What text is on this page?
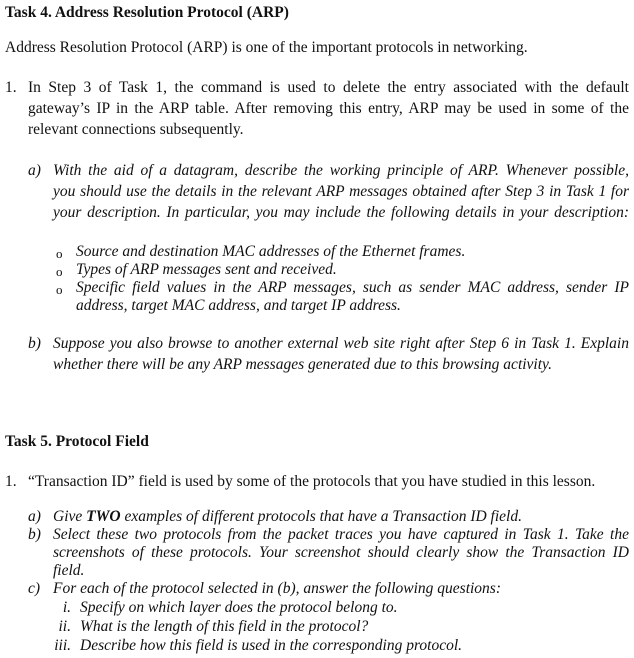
Task 4. Address Resolution Protocol (ARP)
Address Resolution Protocol (ARP) is one of the important protocols in networking.
1. In Step 3 of Task 1, the command is used to delete the entry associated with the default
gateway’s IP in the ARP table. After removing this entry, ARP may be used in some of the
relevant connections subsequently.
a) With the aid of a datagram, describe the working principle of ARP. Whenever possible,
you should use the details in the relevant ARP messages obtained after Step 3 in Task 1 for
your description. In particular, you may include the following details in your description:
o Source and destination MAC addresses of the Ethernet frames.
o Types of ARP messages sent and received.
o Specific field values in the ARP messages, such as sender MAC address, sender IP
address, target MAC address, and target IP address.
b) Suppose you also browse to another external web site right after Step 6 in Task 1. Explain
whether there will be any ARP messages generated due to this browsing activity.
Task 5. Protocol Field
1. “Transaction ID” field is used by some of the protocols that you have studied in this lesson.
a) Give TWO examples of different protocols that have a Transaction ID field.
b) Select these two protocols from the packet traces you have captured in Task 1. Take the
screenshots of these protocols. Your screenshot should clearly show the Transaction ID
field.
c) For each of the protocol selected in (b), answer the following questions:
i. Specify on which layer does the protocol belong to.
ii. What is the length of this field in the protocol?
iii. Describe how this field is used in the corresponding protocol.
